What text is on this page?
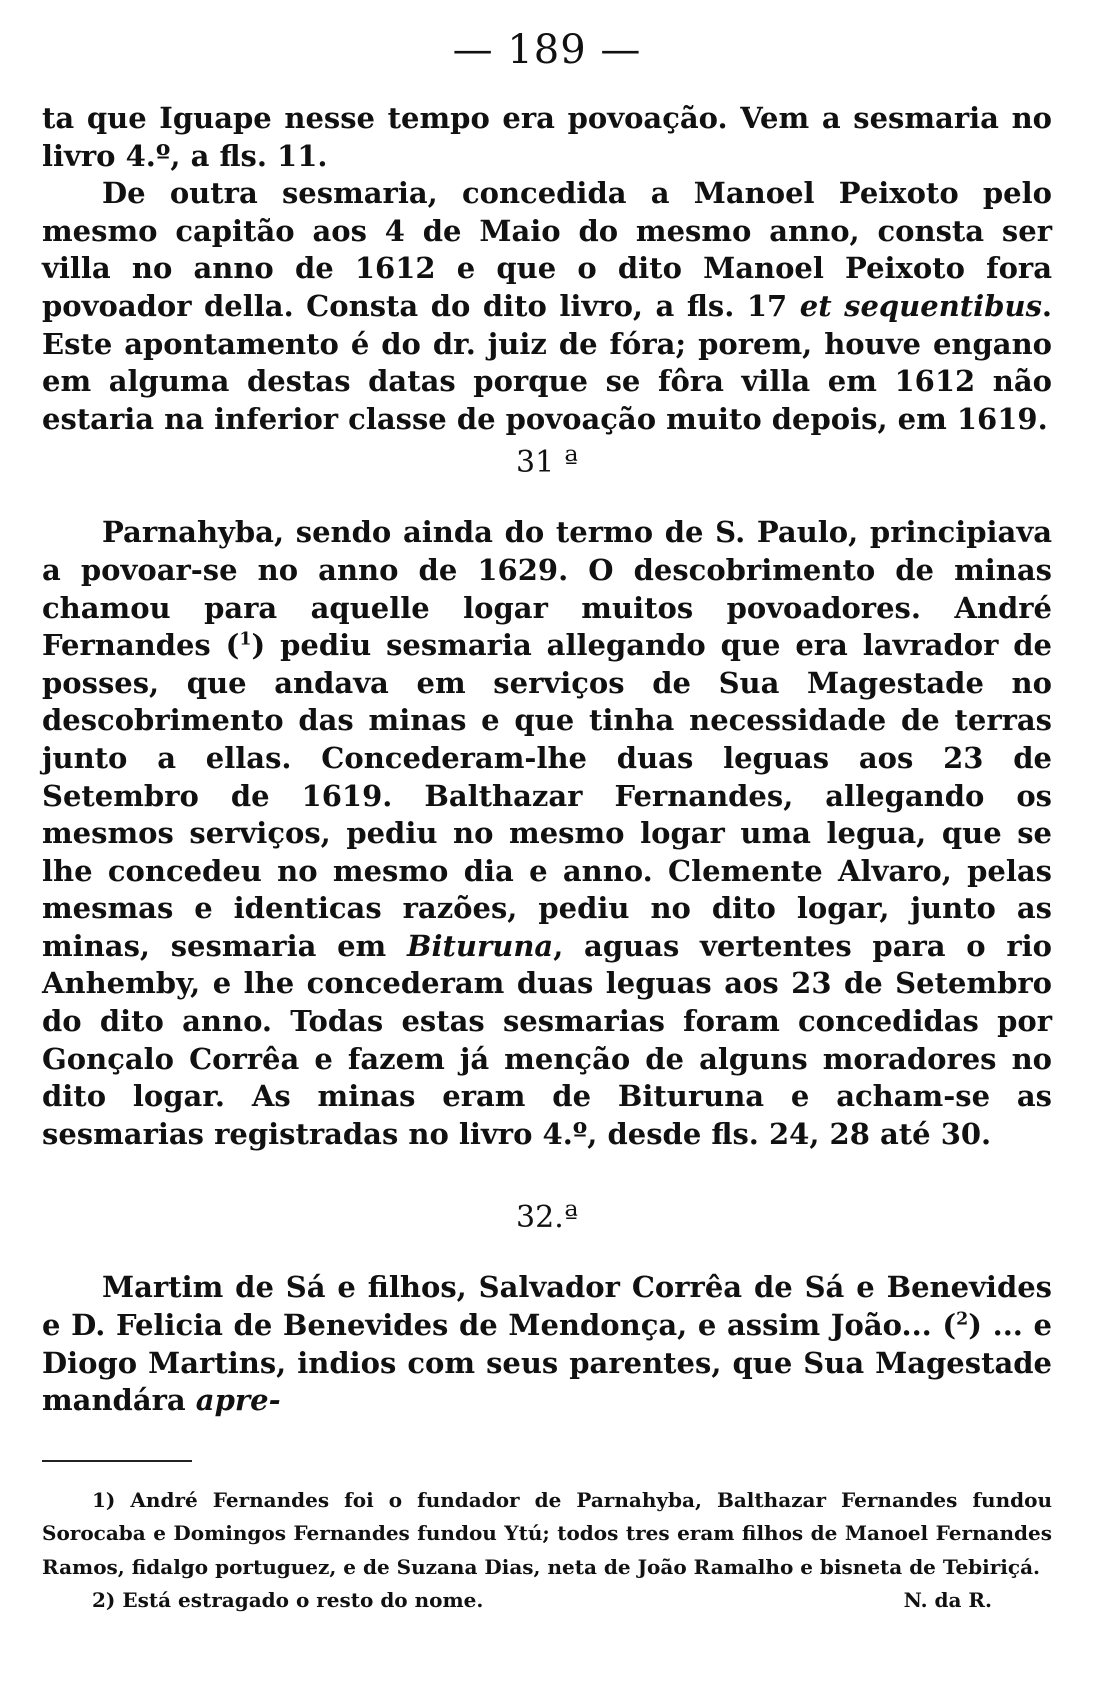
— 189 —

ta que Iguape nesse tempo era povoação. Vem a sesmaria no livro 4.º, a fls. 11.

De outra sesmaria, concedida a Manoel Peixoto pelo mesmo capitão aos 4 de Maio do mesmo anno, consta ser villa no anno de 1612 e que o dito Manoel Peixoto fora povoador della. Consta do dito livro, a fls. 17 et sequentibus. Este apontamento é do dr. juiz de fóra; porem, houve engano em alguma destas datas porque se fôra villa em 1612 não estaria na inferior classe de povoação muito depois, em 1619.

31 ª

Parnahyba, sendo ainda do termo de S. Paulo, principiava a povoar-se no anno de 1629. O descobrimento de minas chamou para aquelle logar muitos povoadores. André Fernandes ($^1$) pediu sesmaria allegando que era lavrador de posses, que andava em serviços de Sua Magestade no descobrimento das minas e que tinha necessidade de terras junto a ellas. Concederam-lhe duas leguas aos 23 de Setembro de 1619. Balthazar Fernandes, allegando os mesmos serviços, pediu no mesmo logar uma legua, que se lhe concedeu no mesmo dia e anno. Clemente Alvaro, pelas mesmas e identicas razões, pediu no dito logar, junto as minas, sesmaria em Biturunа, aguas vertentes para o rio Anhemby, e lhe concederam duas leguas aos 23 de Setembro do dito anno. Todas estas sesmarias foram concedidas por Gonçalo Corrêa e fazem já menção de alguns moradores no dito logar. As minas eram de Biturunа e acham-se as sesmarias registradas no livro 4.º, desde fls. 24, 28 até 30.

32.ª

Martim de Sá e filhos, Salvador Corrêa de Sá e Benevides e D. Felicia de Benevides de Mendonça, e assim João... ($^2$) ... e Diogo Martins, indios com seus parentes, que Sua Magestade mandára apre-

1) André Fernandes foi o fundador de Parnahyba, Balthazar Fernandes fundou Sorocaba e Domingos Fernandes fundou Ytú; todos tres eram filhos de Manoel Fernandes Ramos, fidalgo portuguez, e de Suzana Dias, neta de João Ramalho e bisneta de Tebiriçá.

2) Está estragado o resto do nome.	N. da R.
